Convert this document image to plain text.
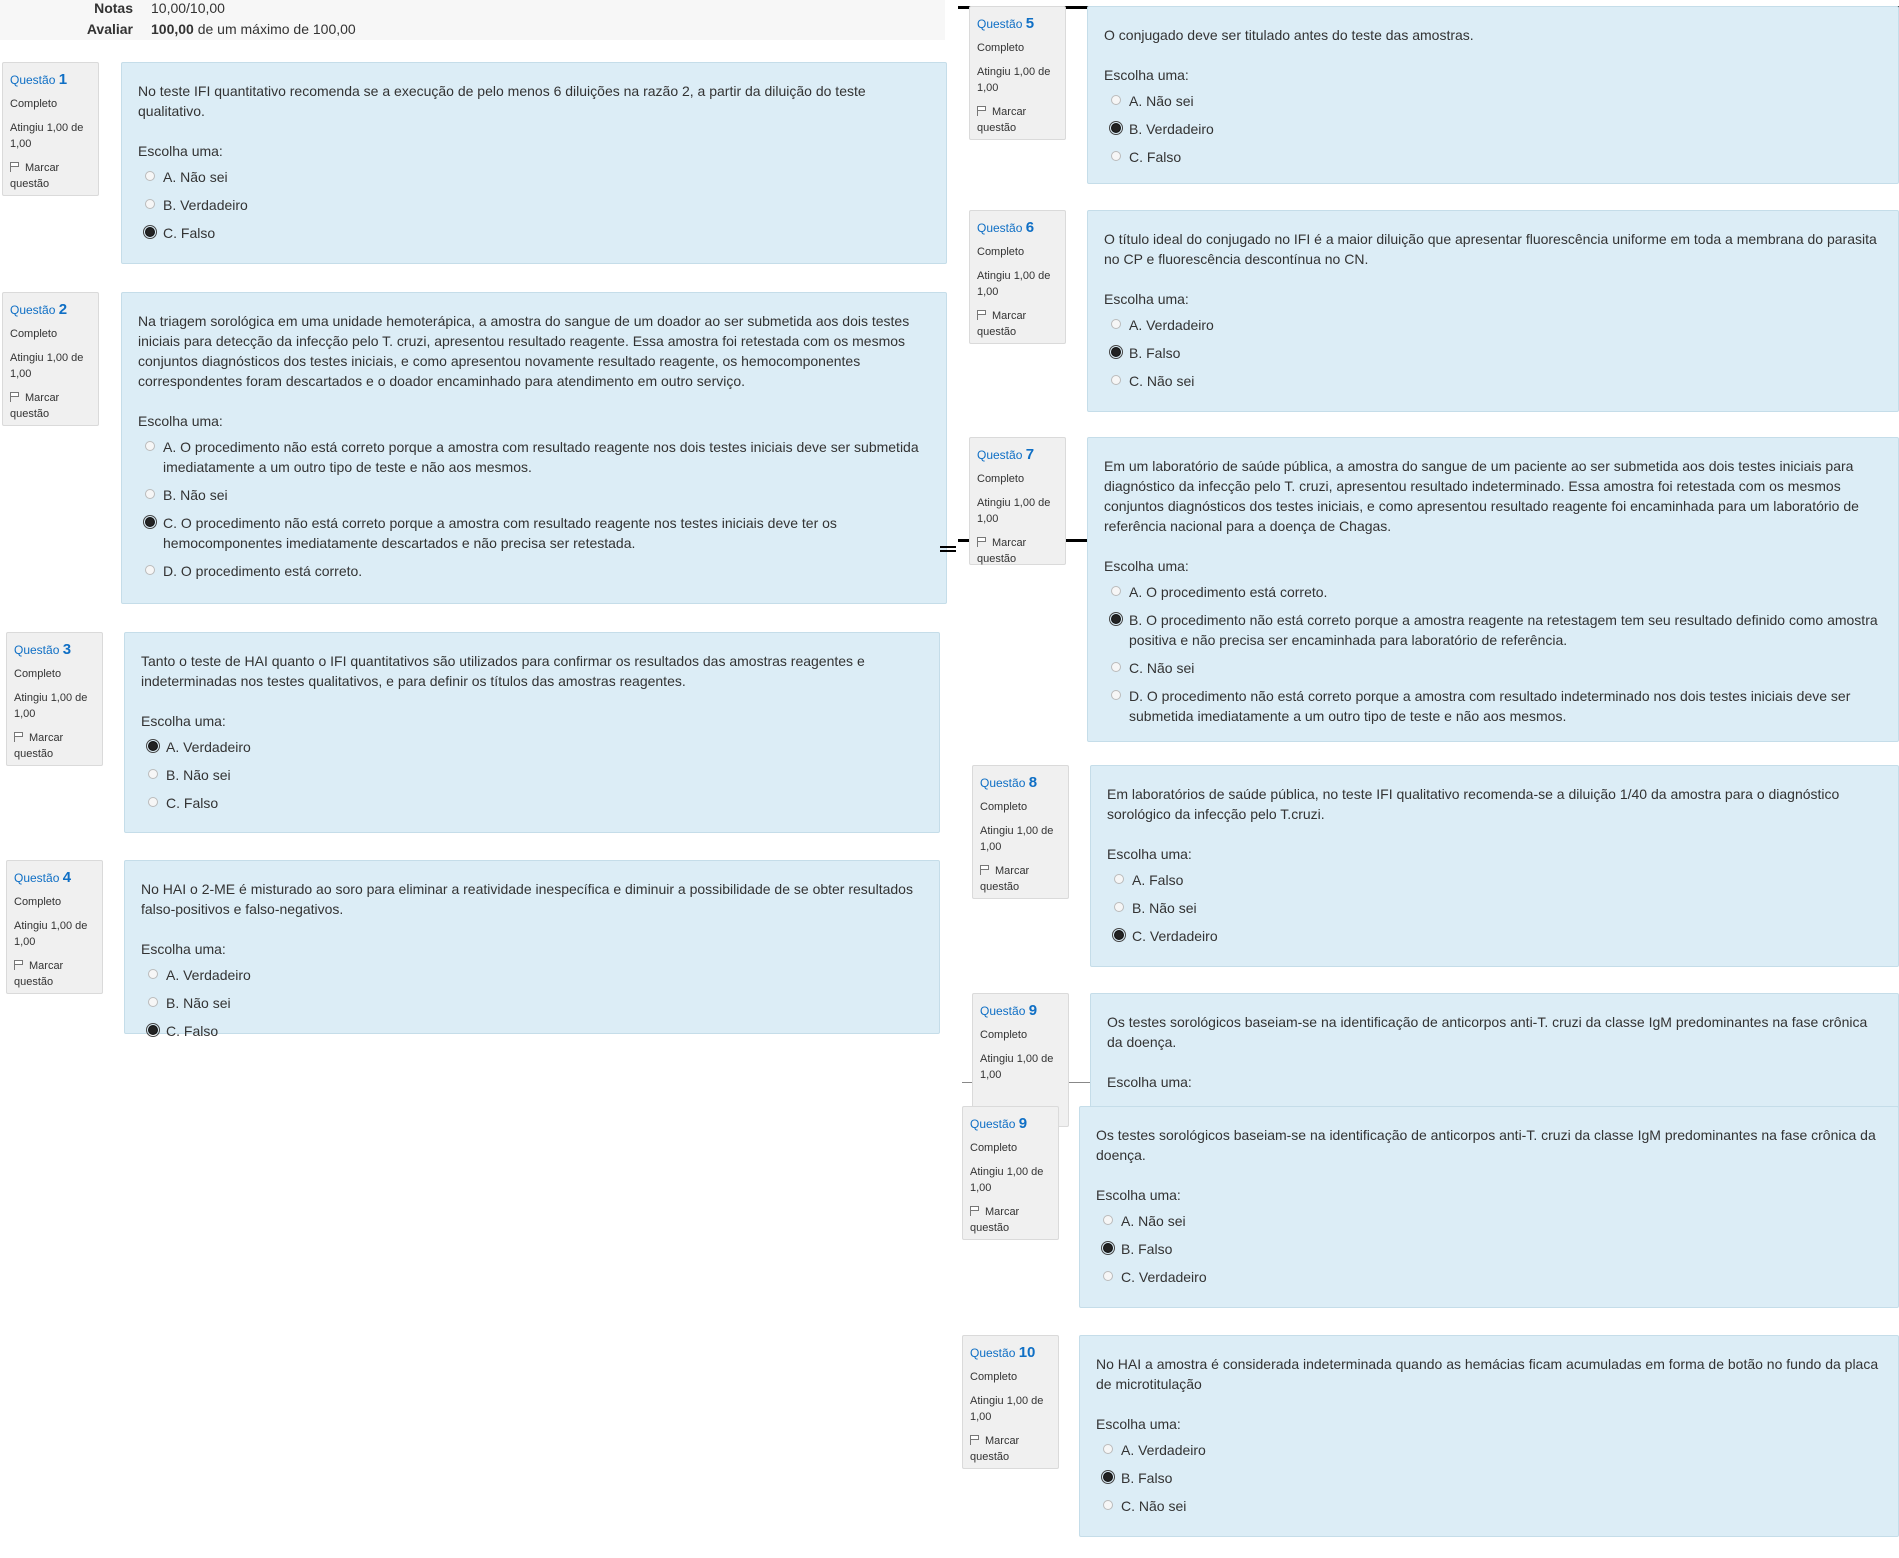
Notas 10,00/10,00
Avaliar 100,00 de um máximo de 100,00
Questão 1
Completo
Atingiu 1,00 de 1,00
Marcar questão
No teste IFI quantitativo recomenda se a execução de pelo menos 6 diluições na razão 2, a partir da diluição do teste qualitativo.
Escolha uma:
A. Não sei
B. Verdadeiro
C. Falso
Questão 2
Completo
Atingiu 1,00 de 1,00
Marcar questão
Na triagem sorológica em uma unidade hemoterápica, a amostra do sangue de um doador ao ser submetida aos dois testes iniciais para detecção da infecção pelo T. cruzi, apresentou resultado reagente. Essa amostra foi retestada com os mesmos conjuntos diagnósticos dos testes iniciais, e como apresentou novamente resultado reagente, os hemocomponentes correspondentes foram descartados e o doador encaminhado para atendimento em outro serviço.
Escolha uma:
A. O procedimento não está correto porque a amostra com resultado reagente nos dois testes iniciais deve ser submetida imediatamente a um outro tipo de teste e não aos mesmos.
B. Não sei
C. O procedimento não está correto porque a amostra com resultado reagente nos testes iniciais deve ter os hemocomponentes imediatamente descartados e não precisa ser retestada.
D. O procedimento está correto.
Questão 3
Completo
Atingiu 1,00 de 1,00
Marcar questão
Tanto o teste de HAI quanto o IFI quantitativos são utilizados para confirmar os resultados das amostras reagentes e indeterminadas nos testes qualitativos, e para definir os títulos das amostras reagentes.
Escolha uma:
A. Verdadeiro
B. Não sei
C. Falso
Questão 4
Completo
Atingiu 1,00 de 1,00
Marcar questão
No HAI o 2-ME é misturado ao soro para eliminar a reatividade inespecífica e diminuir a possibilidade de se obter resultados falso-positivos e falso-negativos.
Escolha uma:
A. Verdadeiro
B. Não sei
C. Falso
Questão 5
Completo
Atingiu 1,00 de 1,00
Marcar questão
O conjugado deve ser titulado antes do teste das amostras.
Escolha uma:
A. Não sei
B. Verdadeiro
C. Falso
Questão 6
Completo
Atingiu 1,00 de 1,00
Marcar questão
O título ideal do conjugado no IFI é a maior diluição que apresentar fluorescência uniforme em toda a membrana do parasita no CP e fluorescência descontínua no CN.
Escolha uma:
A. Verdadeiro
B. Falso
C. Não sei
Questão 7
Completo
Atingiu 1,00 de 1,00
Marcar questão
Em um laboratório de saúde pública, a amostra do sangue de um paciente ao ser submetida aos dois testes iniciais para diagnóstico da infecção pelo T. cruzi, apresentou resultado indeterminado. Essa amostra foi retestada com os mesmos conjuntos diagnósticos dos testes iniciais, e como apresentou resultado reagente foi encaminhada para um laboratório de referência nacional para a doença de Chagas.
Escolha uma:
A. O procedimento está correto.
B. O procedimento não está correto porque a amostra reagente na retestagem tem seu resultado definido como amostra positiva e não precisa ser encaminhada para laboratório de referência.
C. Não sei
D. O procedimento não está correto porque a amostra com resultado indeterminado nos dois testes iniciais deve ser submetida imediatamente a um outro tipo de teste e não aos mesmos.
Questão 8
Completo
Atingiu 1,00 de 1,00
Marcar questão
Em laboratórios de saúde pública, no teste IFI qualitativo recomenda-se a diluição 1/40 da amostra para o diagnóstico sorológico da infecção pelo T.cruzi.
Escolha uma:
A. Falso
B. Não sei
C. Verdadeiro
Questão 9
Completo
Atingiu 1,00 de 1,00
Os testes sorológicos baseiam-se na identificação de anticorpos anti-T. cruzi da classe IgM predominantes na fase crônica da doença.
Escolha uma:
Questão 9
Completo
Atingiu 1,00 de 1,00
Marcar questão
Os testes sorológicos baseiam-se na identificação de anticorpos anti-T. cruzi da classe IgM predominantes na fase crônica da doença.
Escolha uma:
A. Não sei
B. Falso
C. Verdadeiro
Questão 10
Completo
Atingiu 1,00 de 1,00
Marcar questão
No HAI a amostra é considerada indeterminada quando as hemácias ficam acumuladas em forma de botão no fundo da placa de microtitulação
Escolha uma:
A. Verdadeiro
B. Falso
C. Não sei
